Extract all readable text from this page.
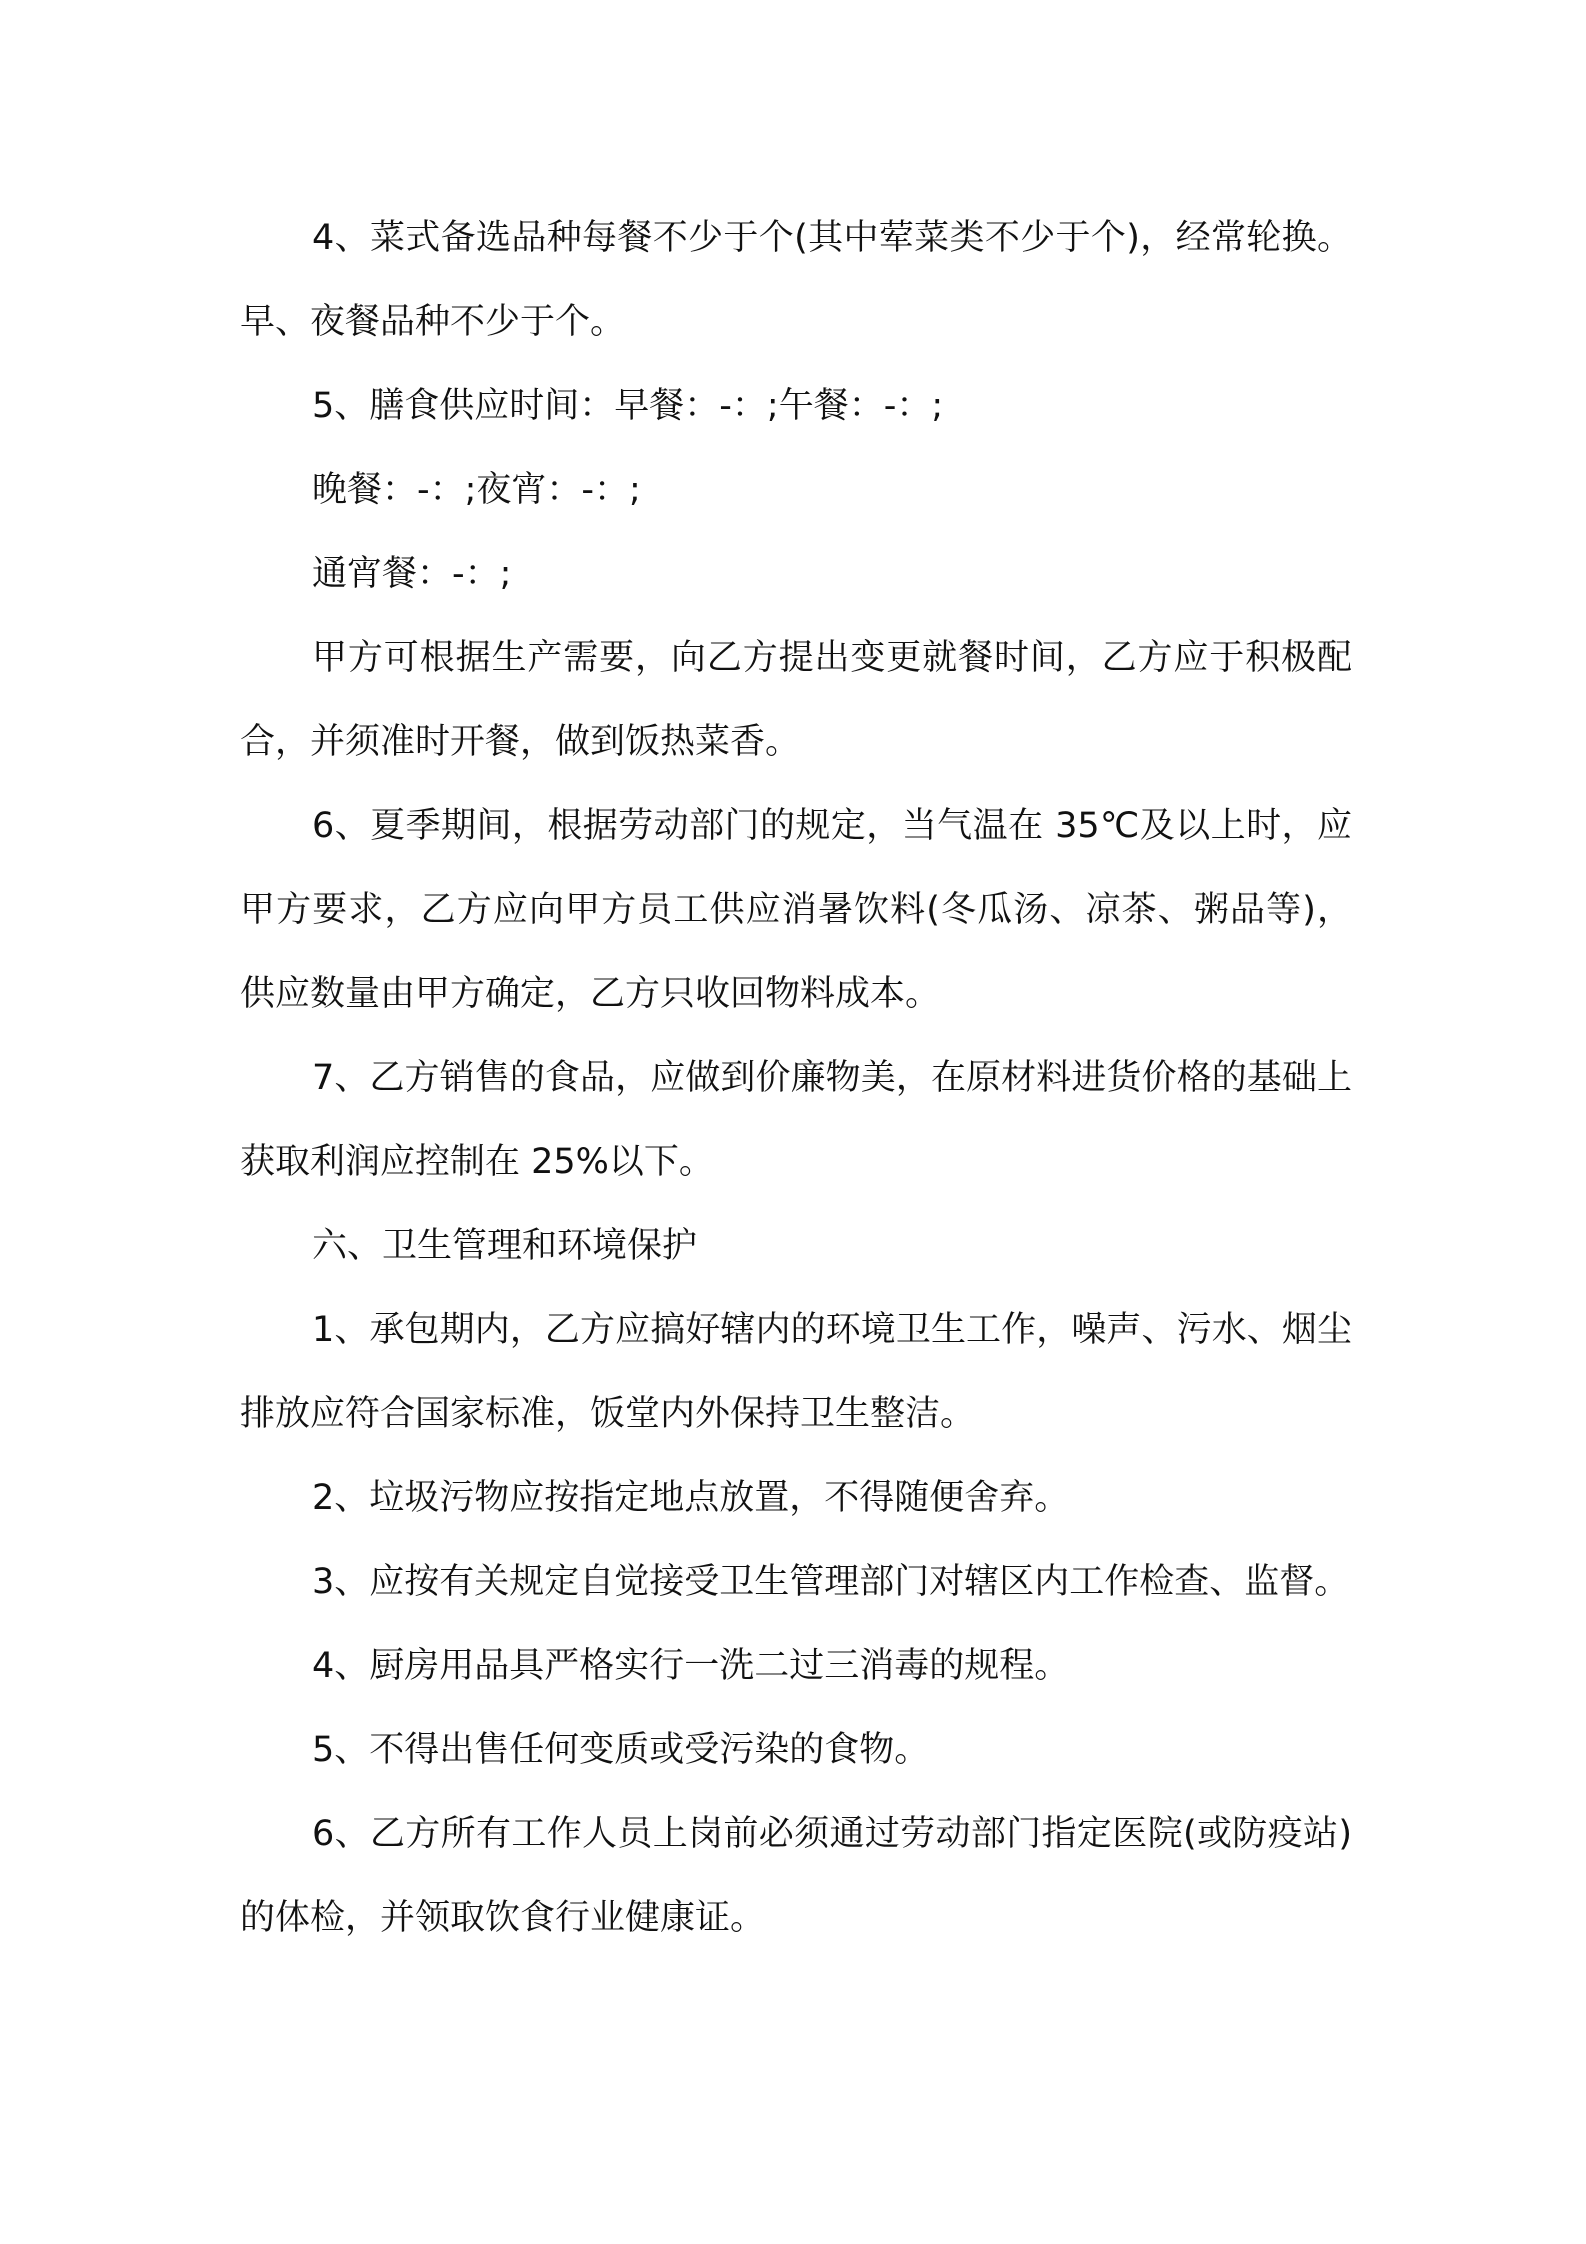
4、菜式备选品种每餐不少于个(其中荤菜类不少于个)，经常轮换。早、夜餐品种不少于个。

5、膳食供应时间：早餐：-：;午餐：-：;

晚餐：-：;夜宵：-：;

通宵餐：-：;

甲方可根据生产需要，向乙方提出变更就餐时间，乙方应于积极配合，并须准时开餐，做到饭热菜香。

6、夏季期间，根据劳动部门的规定，当气温在 35℃及以上时，应甲方要求，乙方应向甲方员工供应消暑饮料(冬瓜汤、凉茶、粥品等)，供应数量由甲方确定，乙方只收回物料成本。

7、乙方销售的食品，应做到价廉物美，在原材料进货价格的基础上获取利润应控制在 25%以下。

六、卫生管理和环境保护

1、承包期内，乙方应搞好辖内的环境卫生工作，噪声、污水、烟尘排放应符合国家标准，饭堂内外保持卫生整洁。

2、垃圾污物应按指定地点放置，不得随便舍弃。

3、应按有关规定自觉接受卫生管理部门对辖区内工作检查、监督。

4、厨房用品具严格实行一洗二过三消毒的规程。

5、不得出售任何变质或受污染的食物。

6、乙方所有工作人员上岗前必须通过劳动部门指定医院(或防疫站)的体检，并领取饮食行业健康证。
